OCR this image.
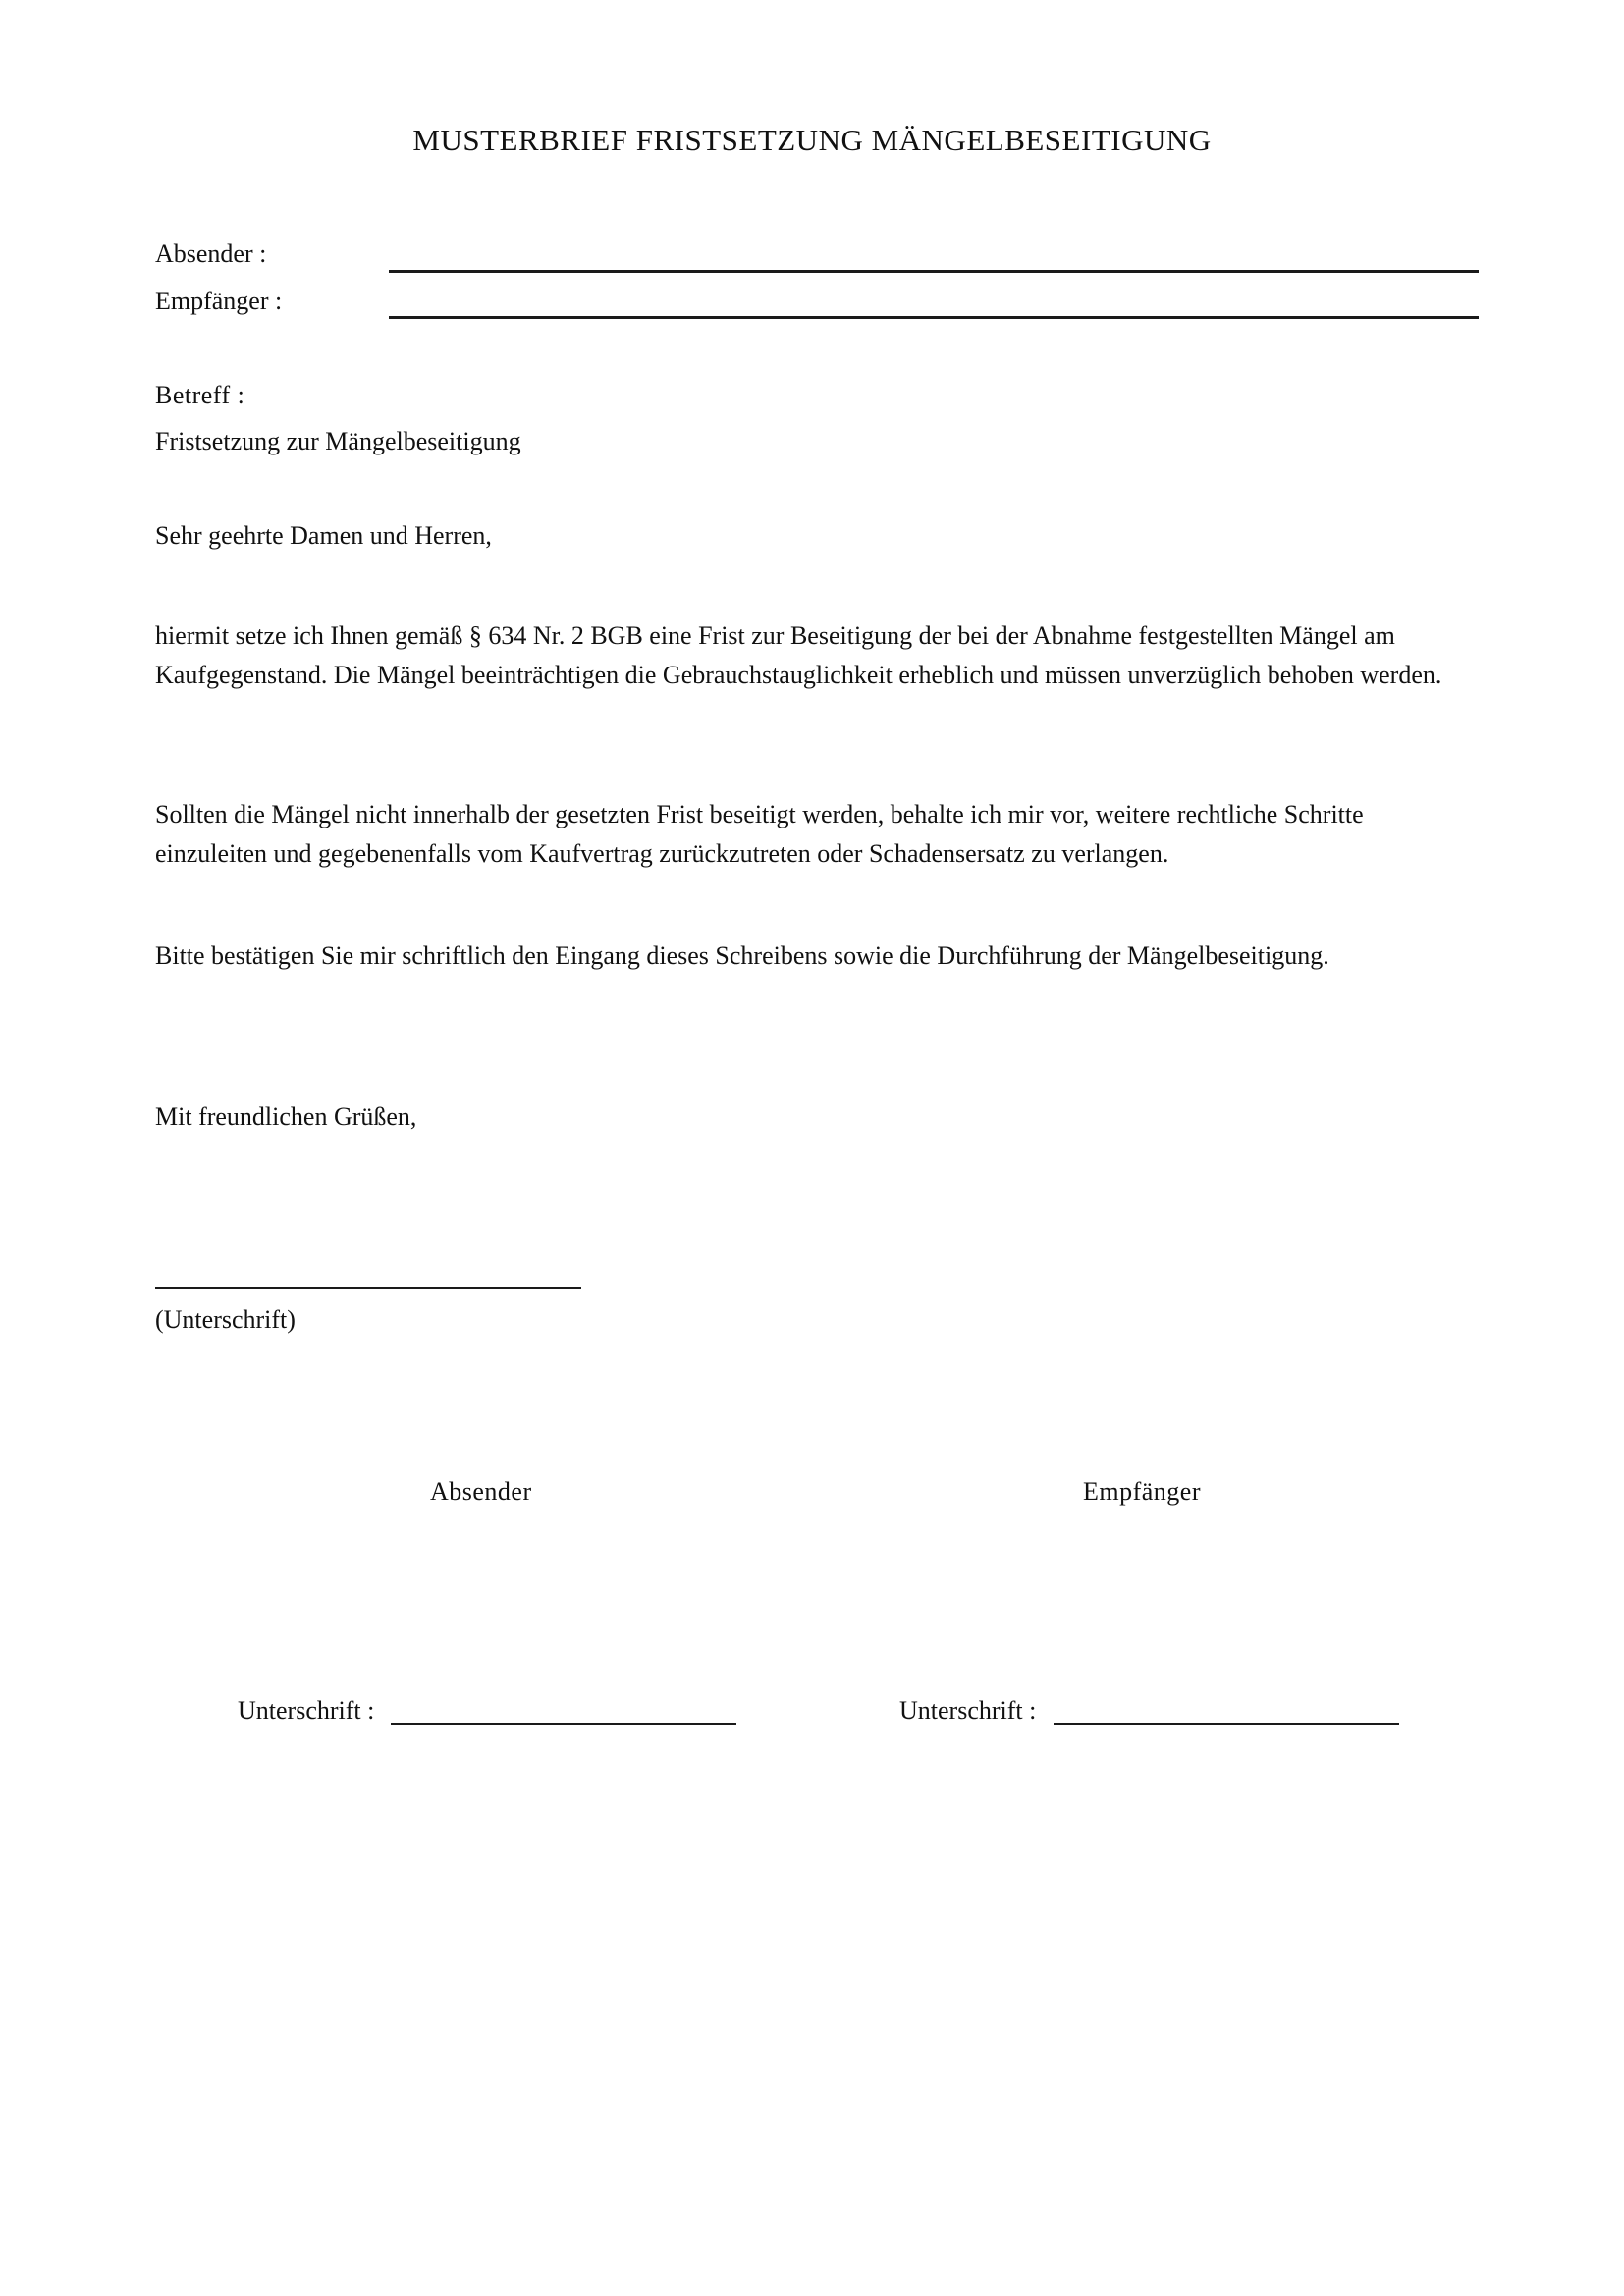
MUSTERBRIEF FRISTSETZUNG MÄNGELBESEITIGUNG
Absender :
Empfänger :
Betreff :
Fristsetzung zur Mängelbeseitigung
Sehr geehrte Damen und Herren,
hiermit setze ich Ihnen gemäß § 634 Nr. 2 BGB eine Frist zur Beseitigung der bei der Abnahme festgestellten Mängel am Kaufgegenstand. Die Mängel beeinträchtigen die Gebrauchstauglichkeit erheblich und müssen unverzüglich behoben werden.
Sollten die Mängel nicht innerhalb der gesetzten Frist beseitigt werden, behalte ich mir vor, weitere rechtliche Schritte einzuleiten und gegebenenfalls vom Kaufvertrag zurückzutreten oder Schadensersatz zu verlangen.
Bitte bestätigen Sie mir schriftlich den Eingang dieses Schreibens sowie die Durchführung der Mängelbeseitigung.
Mit freundlichen Grüßen,
(Unterschrift)
Absender	Empfänger
Unterschrift :	Unterschrift :
